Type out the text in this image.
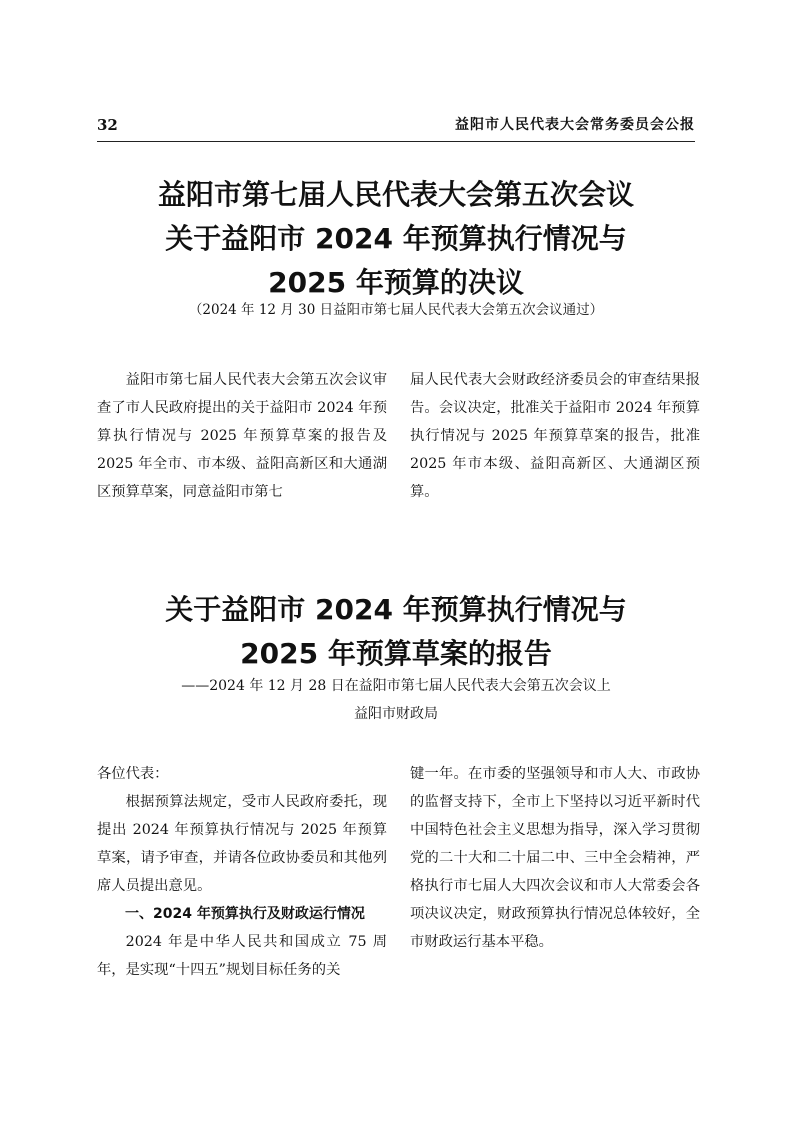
32	益阳市人民代表大会常务委员会公报

益阳市第七届人民代表大会第五次会议

关于益阳市 2024 年预算执行情况与

2025 年预算的决议

（2024 年 12 月 30 日益阳市第七届人民代表大会第五次会议通过）

益阳市第七届人民代表大会第五次会议审查了市人民政府提出的关于益阳市 2024 年预算执行情况与 2025 年预算草案的报告及 2025 年全市、市本级、益阳高新区和大通湖区预算草案，同意益阳市第七

届人民代表大会财政经济委员会的审查结果报告。会议决定，批准关于益阳市 2024 年预算执行情况与 2025 年预算草案的报告，批准 2025 年市本级、益阳高新区、大通湖区预算。

关于益阳市 2024 年预算执行情况与

2025 年预算草案的报告

——2024 年 12 月 28 日在益阳市第七届人民代表大会第五次会议上
益阳市财政局

各位代表：

根据预算法规定，受市人民政府委托，现提出 2024 年预算执行情况与 2025 年预算草案，请予审查，并请各位政协委员和其他列席人员提出意见。

一、2024 年预算执行及财政运行情况

2024 年是中华人民共和国成立 75 周年，是实现“十四五”规划目标任务的关

键一年。在市委的坚强领导和市人大、市政协的监督支持下，全市上下坚持以习近平新时代中国特色社会主义思想为指导，深入学习贯彻党的二十大和二十届二中、三中全会精神，严格执行市七届人大四次会议和市人大常委会各项决议决定，财政预算执行情况总体较好，全市财政运行基本平稳。
